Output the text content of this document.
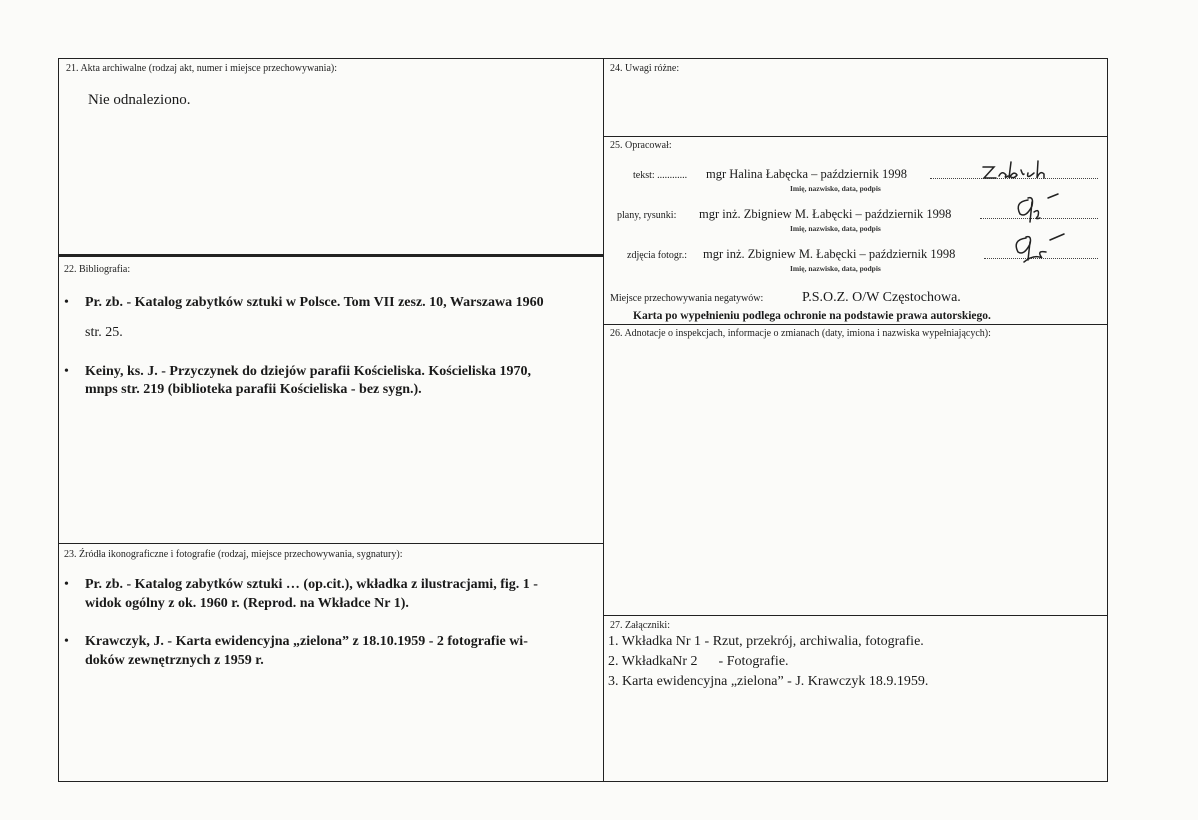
21. Akta archiwalne (rodzaj akt, numer i miejsce przechowywania):
Nie odnaleziono.
22. Bibliografia:
• Pr. zb. - Katalog zabytków sztuki w Polsce. Tom VII zesz. 10, Warszawa 1960
str. 25.
• Keiny, ks. J. - Przyczynek do dziejów parafii Kościeliska. Kościeliska 1970,
mnps str. 219 (biblioteka parafii Kościeliska - bez sygn.).
23. Źródła ikonograficzne i fotografie (rodzaj, miejsce przechowywania, sygnatury):
• Pr. zb. - Katalog zabytków sztuki … (op.cit.), wkładka z ilustracjami, fig. 1 -
widok ogólny z ok. 1960 r. (Reprod. na Wkładce Nr 1).
• Krawczyk, J. - Karta ewidencyjna „zielona” z 18.10.1959 - 2 fotografie wi-
doków zewnętrznych z 1959 r.
24. Uwagi różne:
25. Opracował:
tekst: ............ mgr Halina Łabęcka – październik 1998
Imię, nazwisko, data, podpis
plany, rysunki: mgr inż. Zbigniew M. Łabęcki – październik 1998
Imię, nazwisko, data, podpis
zdjęcia fotogr.: mgr inż. Zbigniew M. Łabęcki – październik 1998
Imię, nazwisko, data, podpis
Miejsce przechowywania negatywów:	P.S.O.Z. O/W Częstochowa.
Karta po wypełnieniu podlega ochronie na podstawie prawa autorskiego.
26. Adnotacje o inspekcjach, informacje o zmianach (daty, imiona i nazwiska wypełniających):
27. Załączniki:
1. Wkładka Nr 1 - Rzut, przekrój, archiwalia, fotografie.
2. WkładkaNr 2      - Fotografie.
3. Karta ewidencyjna „zielona” - J. Krawczyk 18.9.1959.
